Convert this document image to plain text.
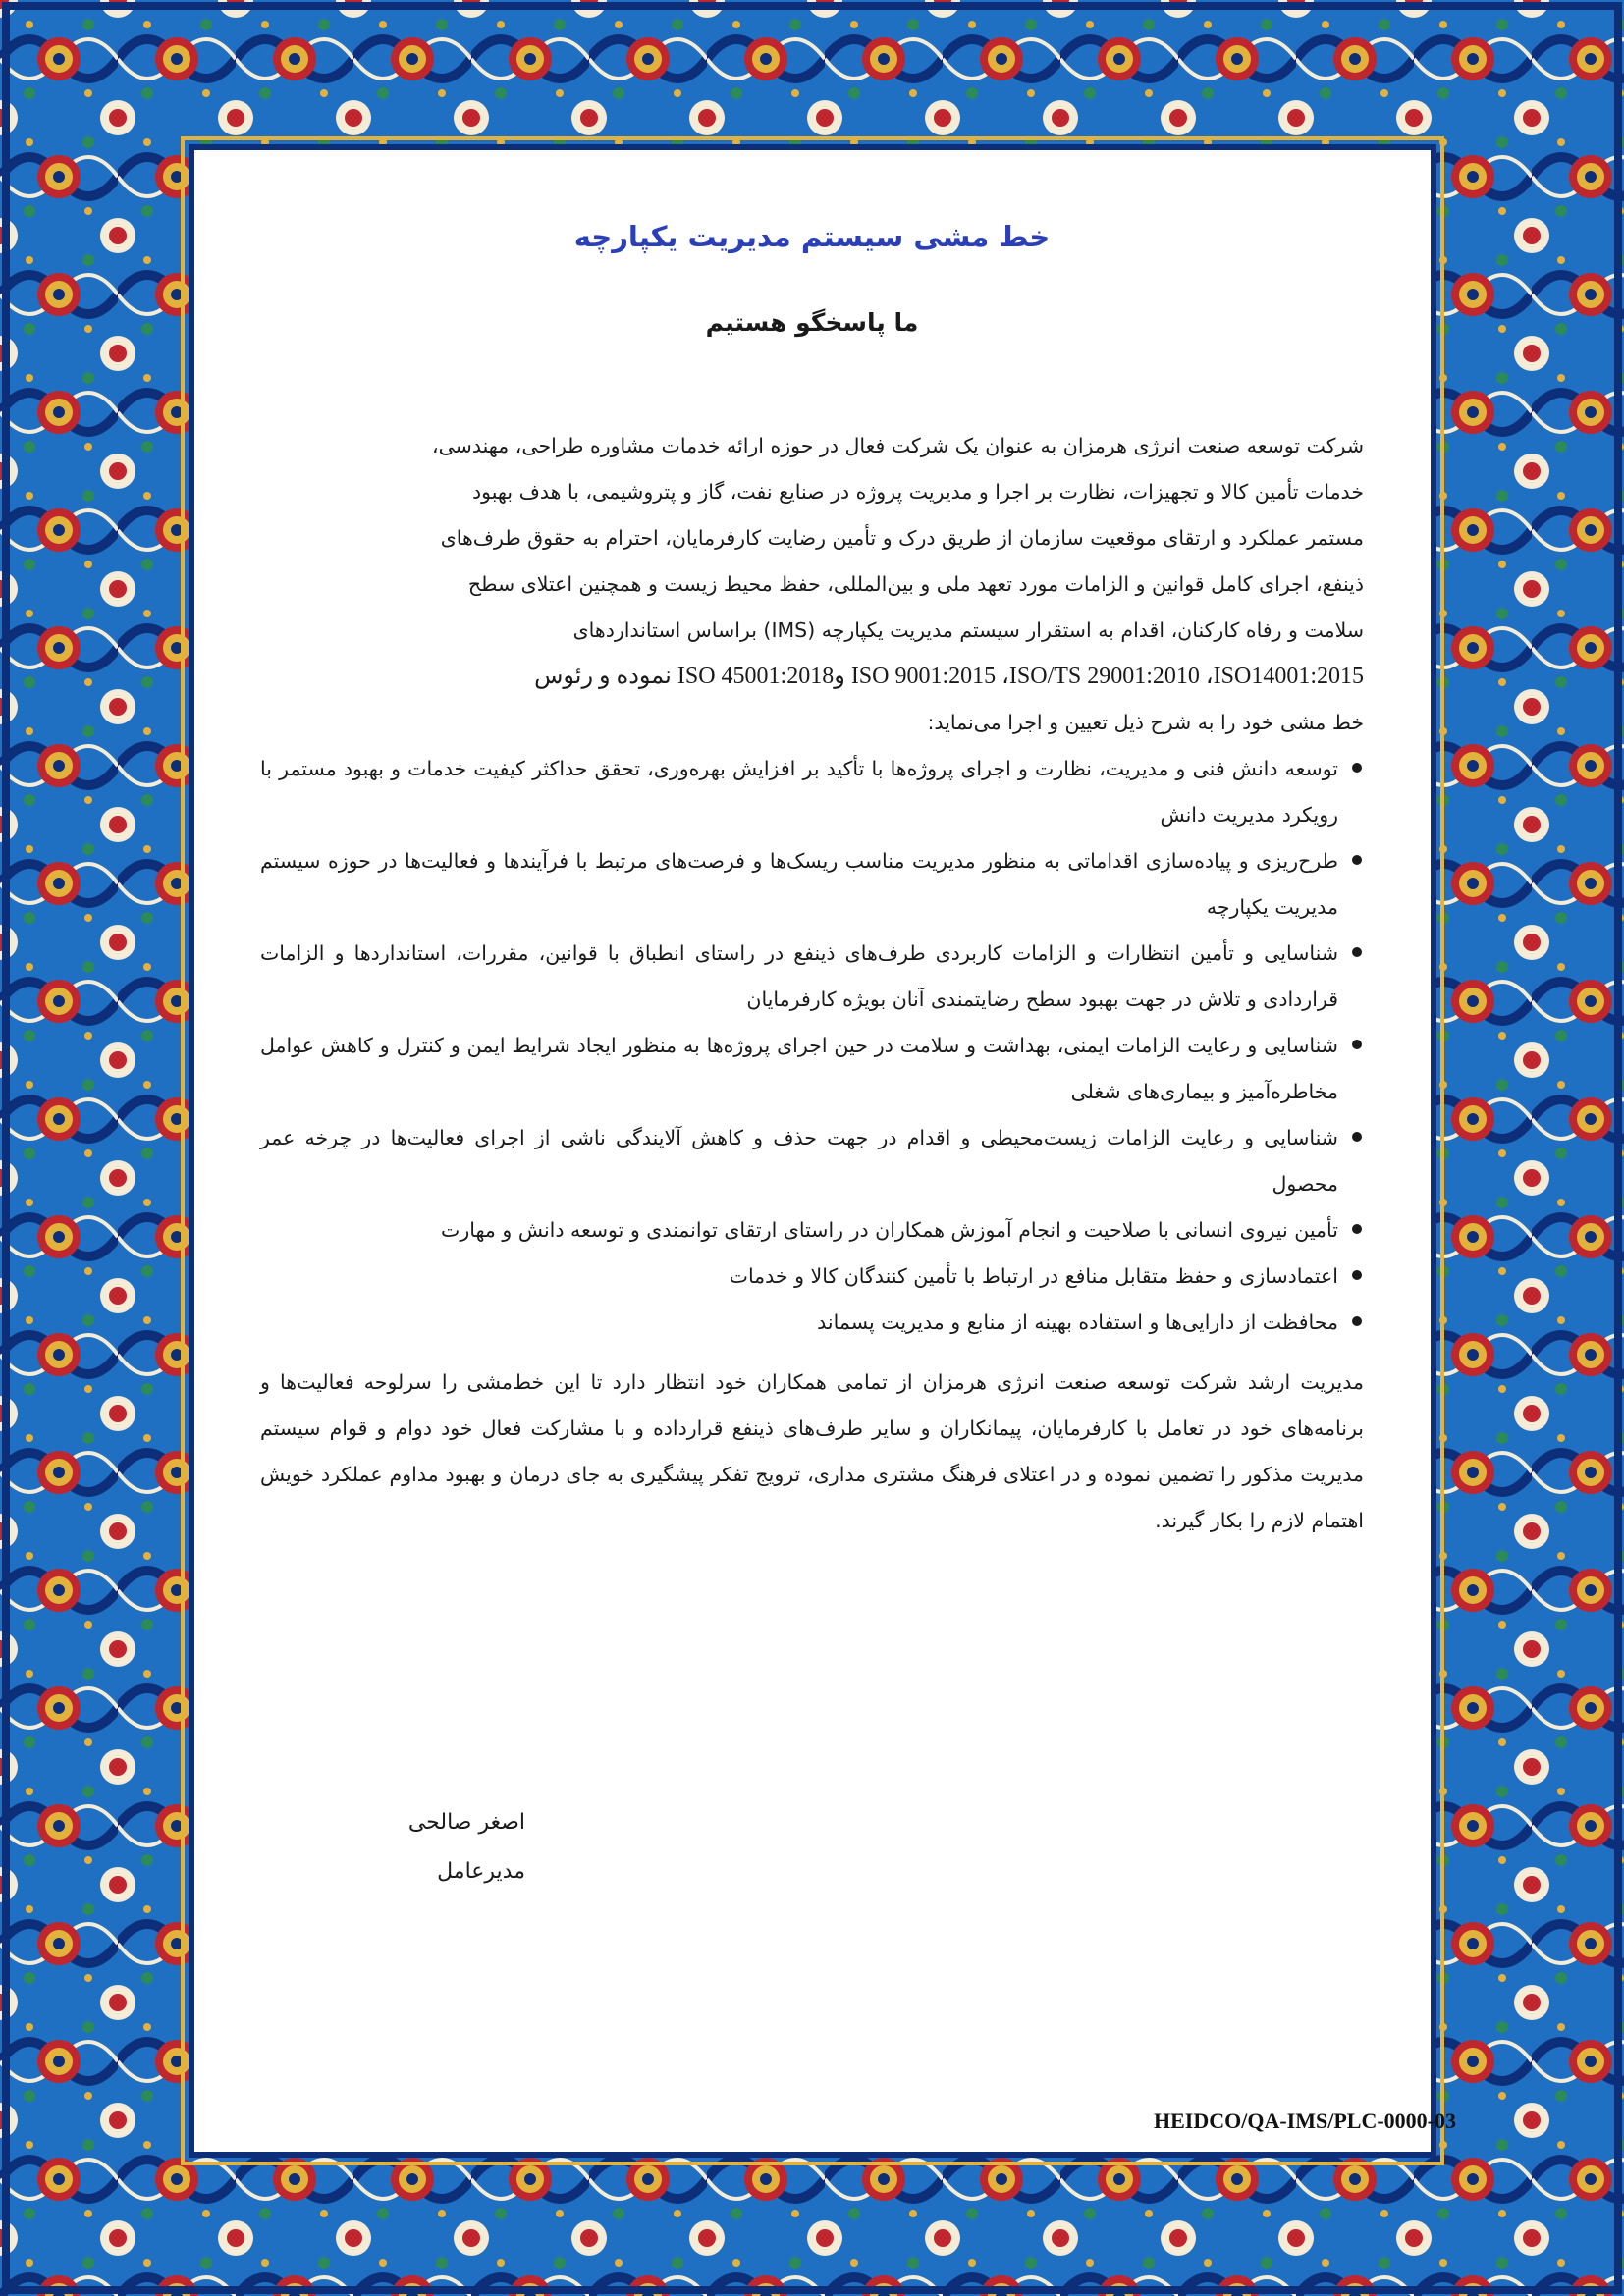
خط مشی سیستم مدیریت یکپارچه
ما پاسخگو هستیم
شرکت توسعه صنعت انرژی هرمزان به عنوان یک شرکت فعال در حوزه ارائه خدمات مشاوره طراحی، مهندسی،
خدمات تأمین کالا و تجهیزات، نظارت بر اجرا و مدیریت پروژه در صنایع نفت، گاز و پتروشیمی، با هدف بهبود
مستمر عملکرد و ارتقای موقعیت سازمان از طریق درک و تأمین رضایت کارفرمایان، احترام به حقوق طرف‌های
ذینفع، اجرای کامل قوانین و الزامات مورد تعهد ملی و بین‌المللی، حفظ محیط زیست و همچنین اعتلای سطح
سلامت و رفاه کارکنان، اقدام به استقرار سیستم مدیریت یکپارچه (IMS) براساس استانداردهای
ISO 9001:2015 ،ISO/TS 29001:2010 ،ISO14001:2015 وISO 45001:2018 نموده و رئوس
خط مشی خود را به شرح ذیل تعیین و اجرا می‌نماید:
توسعه دانش فنی و مدیریت، نظارت و اجرای پروژه‌ها با تأکید بر افزایش بهره‌وری، تحقق حداکثر کیفیت خدمات و بهبود مستمر با رویکرد مدیریت دانش
طرح‌ریزی و پیاده‌سازی اقداماتی به منظور مدیریت مناسب ریسک‌ها و فرصت‌های مرتبط با فرآیندها و فعالیت‌ها در حوزه سیستم مدیریت یکپارچه
شناسایی و تأمین انتظارات و الزامات کاربردی طرف‌های ذینفع در راستای انطباق با قوانین، مقررات، استانداردها و الزامات قراردادی و تلاش در جهت بهبود سطح رضایتمندی آنان بویژه کارفرمایان
شناسایی و رعایت الزامات ایمنی، بهداشت و سلامت در حین اجرای پروژه‌ها به منظور ایجاد شرایط ایمن و کنترل و کاهش عوامل مخاطره‌آمیز و بیماری‌های شغلی
شناسایی و رعایت الزامات زیست‌محیطی و اقدام در جهت حذف و کاهش آلایندگی ناشی از اجرای فعالیت‌ها در چرخه عمر محصول
تأمین نیروی انسانی با صلاحیت و انجام آموزش همکاران در راستای ارتقای توانمندی و توسعه دانش و مهارت
اعتمادسازی و حفظ متقابل منافع در ارتباط با تأمین کنندگان کالا و خدمات
محافظت از دارایی‌ها و استفاده بهینه از منابع و مدیریت پسماند
مدیریت ارشد شرکت توسعه صنعت انرژی هرمزان از تمامی همکاران خود انتظار دارد تا این خط‌مشی را سرلوحه فعالیت‌ها و برنامه‌های خود در تعامل با کارفرمایان، پیمانکاران و سایر طرف‌های ذینفع قرارداده و با مشارکت فعال خود دوام و قوام سیستم مدیریت مذکور را تضمین نموده و در اعتلای فرهنگ مشتری مداری، ترویج تفکر پیشگیری به جای درمان و بهبود مداوم عملکرد خویش اهتمام لازم را بکار گیرند.
اصغر صالحی
مدیرعامل
HEIDCO/QA-IMS/PLC-0000-03
